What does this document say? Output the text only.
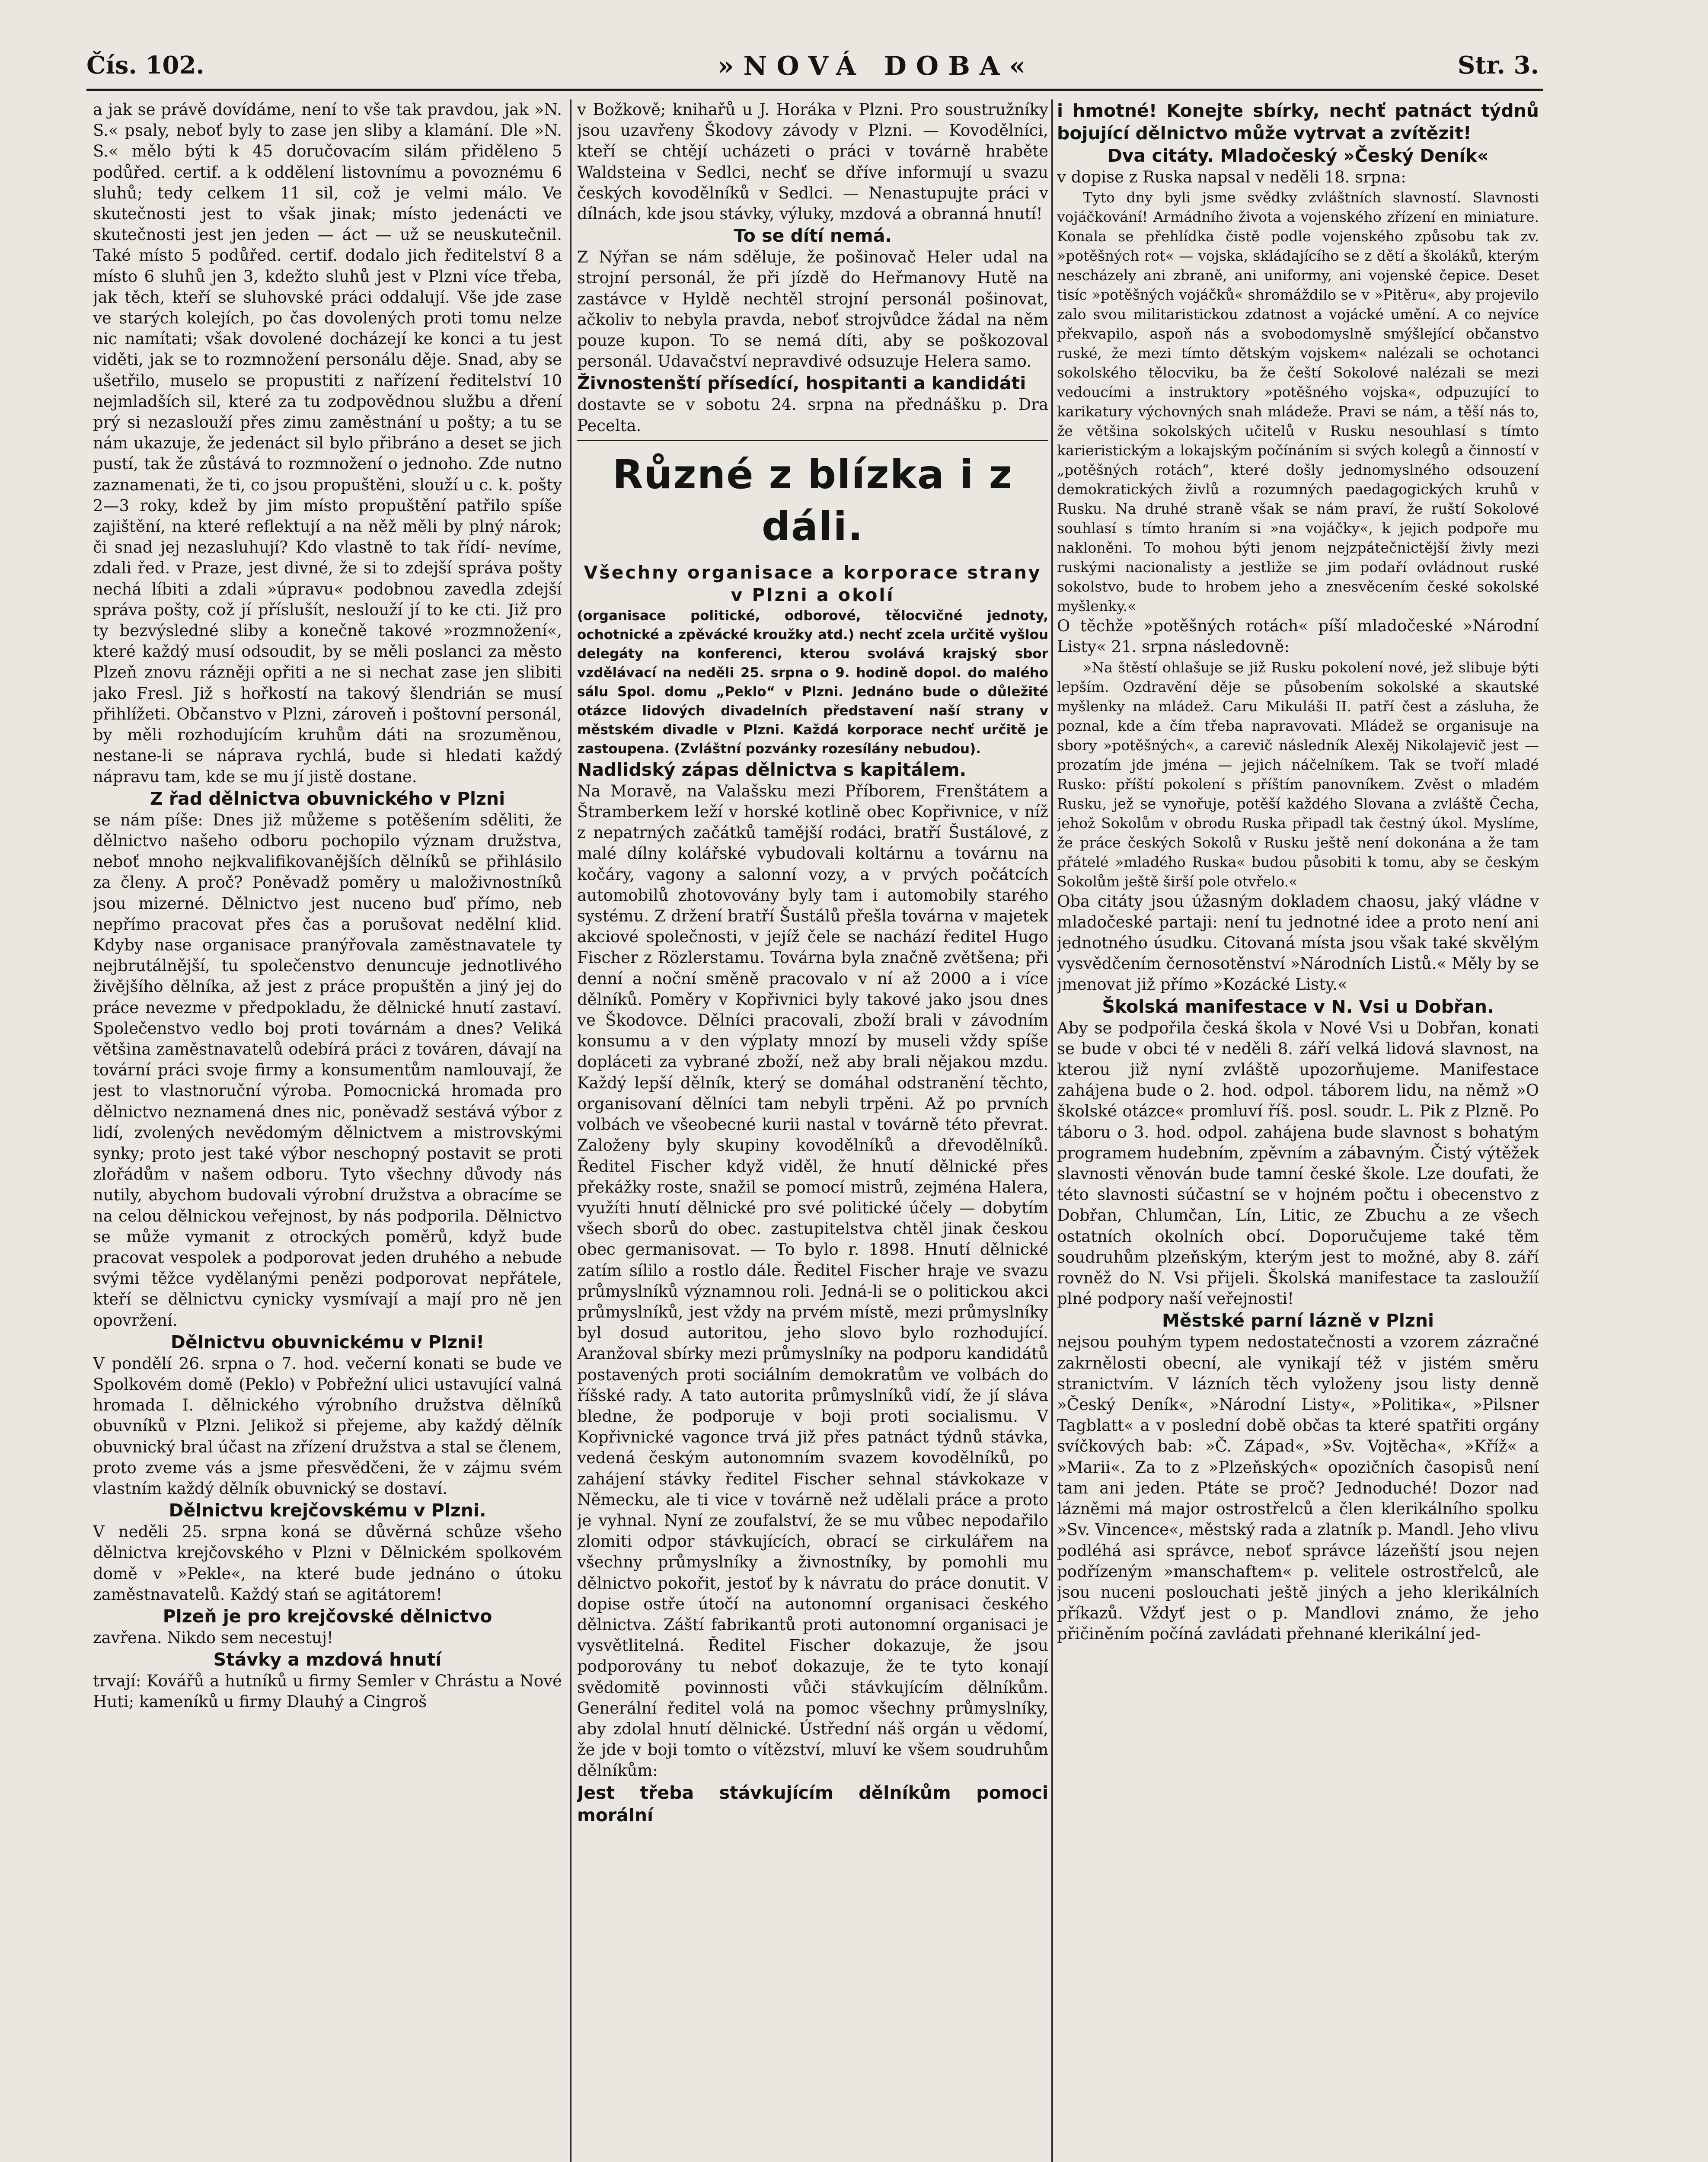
Čís. 102.	»NOVÁ DOBA«	Str. 3.

a jak se právě dovídáme, není to vše tak pravdou, jak »N. S.« psaly, neboť byly to zase jen sliby a klamání. Dle »N. S.« mělo býti k 45 doručovacím silám přiděleno 5 podůřed. certif. a k oddělení listovnímu a povoznému 6 sluhů; tedy celkem 11 sil, což je velmi málo. Ve skutečnosti jest to však jinak; místo jedenácti ve skutečnosti jest jen jeden — áct — už se neuskutečnil. Také místo 5 podůřed. certif. dodalo jich ředitelství 8 a místo 6 sluhů jen 3, kdežto sluhů jest v Plzni více třeba, jak těch, kteří se sluhovské práci oddalují. Vše jde zase ve starých kolejích, po čas dovolených proti tomu nelze nic namítati; však dovolené docházejí ke konci a tu jest viděti, jak se to rozmnožení personálu děje. Snad, aby se ušetřilo, muselo se propustiti z nařízení ředitelství 10 nejmladších sil, které za tu zodpovědnou službu a dření prý si nezaslouží přes zimu zaměstnání u pošty; a tu se nám ukazuje, že jedenáct sil bylo přibráno a deset se jich pustí, tak že zůstává to rozmnožení o jednoho. Zde nutno zaznamenati, že ti, co jsou propuštěni, slouží u c. k. pošty 2—3 roky, kdež by jim místo propuštění patřilo spíše zajištění, na které reflektují a na něž měli by plný nárok; či snad jej nezasluhují? Kdo vlastně to tak řídí- nevíme, zdali řed. v Praze, jest divné, že si to zdejší správa pošty nechá líbiti a zdali »úpravu« podobnou zavedla zdejší správa pošty, což jí příslušít, neslouží jí to ke cti. Již pro ty bezvýsledné sliby a konečně takové »rozmnožení«, které každý musí odsoudit, by se měli poslanci za město Plzeň znovu rázněji opřiti a ne si nechat zase jen slibiti jako Fresl. Již s hořkostí na takový šlendrián se musí přihlížeti. Občanstvo v Plzni, zároveň i poštovní personál, by měli rozhodujícím kruhům dáti na srozuměnou, nestane-li se náprava rychlá, bude si hledati každý nápravu tam, kde se mu jí jistě dostane.

Z řad dělnictva obuvnického v Plzni

se nám píše: Dnes již můžeme s potěšením sděliti, že dělnictvo našeho odboru pochopilo význam družstva, neboť mnoho nejkvalifikovanějších dělníků se přihlásilo za členy. A proč? Poněvadž poměry u maloživnostníků jsou mizerné. Dělnictvo jest nuceno buď přímo, neb nepřímo pracovat přes čas a porušovat nedělní klid. Kdyby nase organisace pranýřovala zaměstnavatele ty nejbrutálnější, tu společenstvo denuncuje jednotlivého živějšího dělníka, až jest z práce propuštěn a jiný jej do práce nevezme v předpokladu, že dělnické hnutí zastaví. Společenstvo vedlo boj proti továrnám a dnes? Veliká většina zaměstnavatelů odebírá práci z továren, dávají na tovární práci svoje firmy a konsumentům namlouvají, že jest to vlastnoruční výroba. Pomocnická hromada pro dělnictvo neznamená dnes nic, poněvadž sestává výbor z lidí, zvolených nevědomým dělnictvem a mistrovskými synky; proto jest také výbor neschopný postavit se proti zlořádům v našem odboru. Tyto všechny důvody nás nutily, abychom budovali výrobní družstva a obracíme se na celou dělnickou veřejnost, by nás podporila. Dělnictvo se může vymanit z otrockých poměrů, když bude pracovat vespolek a podporovat jeden druhého a nebude svými těžce vydělanými penězi podporovat nepřátele, kteří se dělnictvu cynicky vysmívají a mají pro ně jen opovržení.

Dělnictvu obuvnickému v Plzni!

V pondělí 26. srpna o 7. hod. večerní konati se bude ve Spolkovém domě (Peklo) v Pobřežní ulici ustavující valná hromada I. dělnického výrobního družstva dělníků obuvníků v Plzni. Jelikož si přejeme, aby každý dělník obuvnický bral účast na zřízení družstva a stal se členem, proto zveme vás a jsme přesvědčeni, že v zájmu svém vlastním každý dělník obuvnický se dostaví.

Dělnictvu krejčovskému v Plzni.

V neděli 25. srpna koná se důvěrná schůze všeho dělnictva krejčovského v Plzni v Dělnickém spolkovém domě v »Pekle«, na které bude jednáno o útoku zaměstnavatelů. Každý stań se agitátorem!

Plzeň je pro krejčovské dělnictvo

zavřena. Nikdo sem necestuj!

Stávky a mzdová hnutí

trvají: Kovářů a hutníků u firmy Semler v Chrástu a Nové Huti; kameníků u firmy Dlauhý a Cingroš

v Božkově; knihařů u J. Horáka v Plzni. Pro soustružníky jsou uzavřeny Škodovy závody v Plzni. — Kovodělníci, kteří se chtějí ucházeti o práci v továrně hraběte Waldsteina v Sedlci, nechť se dříve informují u svazu českých kovodělníků v Sedlci. — Nenastupujte práci v dílnách, kde jsou stávky, výluky, mzdová a obranná hnutí!

To se dítí nemá.

Z Nýřan se nám sděluje, že pošinovač Heler udal na strojní personál, že při jízdě do Heřmanovy Hutě na zastávce v Hyldě nechtěl strojní personál pošinovat, ačkoliv to nebyla pravda, neboť strojvůdce žádal na něm pouze kupon. To se nemá díti, aby se poškozoval personál. Udavačství nepravdivé odsuzuje Helera samo.

Živnostenští přísedící, hospitanti a kandidáti

dostavte se v sobotu 24. srpna na přednášku p. Dra Pecelta.

Různé z blízka i z dáli.

Všechny organisace a korporace strany v Plzni a okolí

(organisace politické, odborové, tělocvičné jednoty, ochotnické a zpěvácké kroužky atd.) nechť zcela určitě vyšlou delegáty na konferenci, kterou svolává krajský sbor vzdělávací na neděli 25. srpna o 9. hodině dopol. do malého sálu Spol. domu „Peklo“ v Plzni. Jednáno bude o důležité otázce lidových divadelních představení naší strany v městském divadle v Plzni. Každá korporace nechť určitě je zastoupena. (Zvláštní pozvánky rozesílány nebudou).

Nadlidský zápas dělnictva s kapitálem.

Na Moravě, na Valašsku mezi Příborem, Frenštátem a Štramberkem leží v horské kotlině obec Kopřivnice, v níž z nepatrných začátků tamější rodáci, bratří Šustálové, z malé dílny kolářské vybudovali koltárnu a továrnu na kočáry, vagony a salonní vozy, a v prvých počátcích automobilů zhotovovány byly tam i automobily starého systému. Z držení bratří Šustálů přešla továrna v majetek akciové společnosti, v jejíž čele se nachází ředitel Hugo Fischer z Rözlerstamu. Továrna byla značně zvětšena; při denní a noční směně pracovalo v ní až 2000 a i více dělníků. Poměry v Kopřivnici byly takové jako jsou dnes ve Škodovce. Dělníci pracovali, zboží brali v závodním konsumu a v den výplaty mnozí by museli vždy spíše dopláceti za vybrané zboží, než aby brali nějakou mzdu. Každý lepší dělník, který se domáhal odstranění těchto, organisovaní dělníci tam nebyli trpěni. Až po prvních volbách ve všeobecné kurii nastal v továrně této převrat. Založeny byly skupiny kovodělníků a dřevodělníků. Ředitel Fischer když viděl, že hnutí dělnické přes překážky roste, snažil se pomocí mistrů, zejména Halera, využíti hnutí dělnické pro své politické účely — dobytím všech sborů do obec. zastupitelstva chtěl jinak českou obec germanisovat. — To bylo r. 1898. Hnutí dělnické zatím sílilo a rostlo dále. Ředitel Fischer hraje ve svazu průmyslníků významnou roli. Jedná-li se o politickou akci průmyslníků, jest vždy na prvém místě, mezi průmyslníky byl dosud autoritou, jeho slovo bylo rozhodující. Aranžoval sbírky mezi průmyslníky na podporu kandidátů postavených proti sociálním demokratům ve volbách do říšské rady. A tato autorita průmyslníků vidí, že jí sláva bledne, že podporuje v boji proti socialismu. V Kopřivnické vagonce trvá již přes patnáct týdnů stávka, vedená českým autonomním svazem kovodělníků, po zahájení stávky ředitel Fischer sehnal stávkokaze v Německu, ale ti vice v továrně než udělali práce a proto je vyhnal. Nyní ze zoufalství, že se mu vůbec nepodařilo zlomiti odpor stávkujících, obrací se cirkulářem na všechny průmyslníky a živnostníky, by pomohli mu dělnictvo pokořit, jestoť by k návratu do práce donutit. V dopise ostře útočí na autonomní organisaci českého dělnictva. Záští fabrikantů proti autonomní organisaci je vysvětlitelná. Ředitel Fischer dokazuje, že jsou podporovány tu neboť dokazuje, že te tyto konají svědomitě povinnosti vůči stávkujícím dělníkům. Generální ředitel volá na pomoc všechny průmyslníky, aby zdolal hnutí dělnické. Ústřední náš orgán u vědomí, že jde v boji tomto o vítězství, mluví ke všem soudruhům dělníkům:

Jest třeba stávkujícím dělníkům pomoci morální

i hmotné! Konejte sbírky, nechť patnáct týdnů bojující dělnictvo může vytrvat a zvítězit!

Dva citáty. Mladočeský »Český Deník«

v dopise z Ruska napsal v neděli 18. srpna:

Tyto dny byli jsme svědky zvláštních slavností. Slavnosti vojáčkování! Armádního života a vojenského zřízení en miniature. Konala se přehlídka čistě podle vojenského způsobu tak zv. »potěšných rot« — vojska, skládajícího se z dětí a školáků, kterým nescházely ani zbraně, ani uniformy, ani vojenské čepice. Deset tisíc »potěšných vojáčků« shromáždilo se v »Pitěru«, aby projevilo zalo svou militaristickou zdatnost a vojácké umění. A co nejvíce překvapilo, aspoň nás a svobodomyslně smýšlející občanstvo ruské, že mezi tímto dětským vojskem« nalézali se ochotanci sokolského tělocviku, ba že čeští Sokolové nalézali se mezi vedoucími a instruktory »potěšného vojska«, odpuzující to karikatury výchovných snah mládeže. Pravi se nám, a těší nás to, že většina sokolských učitelů v Rusku nesouhlasí s tímto karieristickým a lokajským počínáním si svých kolegů a činností v „potěšných rotách“, které došly jednomyslného odsouzení demokratických živlů a rozumných paedagogických kruhů v Rusku. Na druhé straně však se nám praví, že ruští Sokolové souhlasí s tímto hraním si »na vojáčky«, k jejich podpoře mu nakloněni. To mohou býti jenom nejzpátečnictější živly mezi ruskými nacionalisty a jestliže se jim podaří ovládnout ruské sokolstvo, bude to hrobem jeho a znesvěcením české sokolské myšlenky.«

O těchže »potěšných rotách« píší mladočeské »Národní Listy« 21. srpna následovně:

»Na štěstí ohlašuje se již Rusku pokolení nové, jež slibuje býti lepším. Ozdravění děje se působením sokolské a skautské myšlenky na mládež. Caru Mikuláši II. patří čest a zásluha, že poznal, kde a čím třeba napravovati. Mládež se organisuje na sbory »potěšných«, a carevič následník Alexěj Nikolajevič jest — prozatím jde jména — jejich náčelníkem. Tak se tvoří mladé Rusko: příští pokolení s příštím panovníkem. Zvěst o mladém Rusku, jež se vynořuje, potěší každého Slovana a zvláště Čecha, jehož Sokolům v obrodu Ruska připadl tak čestný úkol. Myslíme, že práce českých Sokolů v Rusku ještě není dokonána a že tam přátelé »mladého Ruska« budou působiti k tomu, aby se českým Sokolům ještě širší pole otvřelo.«

Oba citáty jsou úžasným dokladem chaosu, jaký vládne v mladočeské partaji: není tu jednotné idee a proto není ani jednotného úsudku. Citovaná místa jsou však také skvělým vysvědčením černosotěnství »Národních Listů.« Měly by se jmenovat již přímo »Kozácké Listy.«

Školská manifestace v N. Vsi u Dobřan.

Aby se podpořila česká škola v Nové Vsi u Dobřan, konati se bude v obci té v neděli 8. září velká lidová slavnost, na kterou již nyní zvláště upozorňujeme. Manifestace zahájena bude o 2. hod. odpol. táborem lidu, na němž »O školské otázce« promluví říš. posl. soudr. L. Pik z Plzně. Po táboru o 3. hod. odpol. zahájena bude slavnost s bohatým programem hudebním, zpěvním a zábavným. Čistý výtěžek slavnosti věnován bude tamní české škole. Lze doufati, že této slavnosti súčastní se v hojném počtu i obecenstvo z Dobřan, Chlumčan, Lín, Litic, ze Zbuchu a ze všech ostatních okolních obcí. Doporučujeme také těm soudruhům plzeňským, kterým jest to možné, aby 8. září rovněž do N. Vsi přijeli. Školská manifestace ta zasloužíí plné podpory naší veřejnosti!

Městské parní lázně v Plzni

nejsou pouhým typem nedostatečnosti a vzorem zázračné zakrnělosti obecní, ale vynikají též v jistém směru stranictvím. V lázních těch vyloženy jsou listy denně »Český Deník«, »Národní Listy«, »Politika«, »Pilsner Tagblatt« a v poslední době občas ta které spatřiti orgány svíčkových bab: »Č. Západ«, »Sv. Vojtěcha«, »Kříž« a »Marii«. Za to z »Plzeňských« opozičních časopisů není tam ani jeden. Ptáte se proč? Jednoduché! Dozor nad lázněmi má major ostrostřelců a člen klerikálního spolku »Sv. Vincence«, městský rada a zlatník p. Mandl. Jeho vlivu podléhá asi správce, neboť správce lázeňští jsou nejen podřízeným »manschaftem« p. velitele ostrostřelců, ale jsou nuceni poslouchati ještě jiných a jeho klerikálních příkazů. Vždyť jest o p. Mandlovi známo, že jeho přičiněním počíná zavládati přehnané klerikální jed-
